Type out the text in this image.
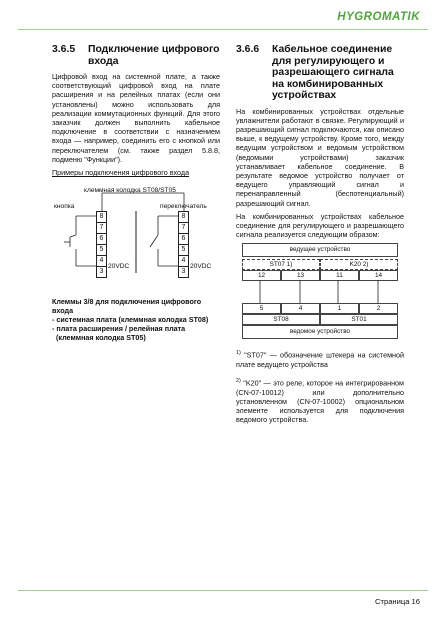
HYGROMATIK
3.6.5	Подключение цифрового входа

Цифровой вход на системной плате, а также соответствующий цифровой вход на плате расширения и на релейных платах (если они установлены) можно использовать для реализации коммутационных функций. Для этого заказчик должен выполнить кабельное подключение в соответствии с назначением входа — например, соединить его с кнопкой или переключателем (см. также раздел 5.8.8, подменю "Функции").

Примеры подключения цифрового входа

клеммная колодка ST08/ST05
кнопка	переключатель
8
7
6
5
4
3
20VDC
8
7
6
5
4
3
20VDC
Клеммы 3/8 для подключения цифрового входа
- системная плата (клеммная колодка ST08)
- плата расширения / релейная плата
(клеммная колодка ST05)
3.6.6	Кабельное соединение для регулирующего и разрешающего сигнала на комбинированных устройствах

На комбинированных устройствах отдельные увлажнители работают в связке. Регулирующий и разрешающий сигнал подключаются, как описано выше, к ведущему устройству. Кроме того, между ведущим устройством и ведомым устройством (ведомыми устройствами) заказчик устанавливает кабельное соединение. В результате ведомое устройство получает от ведущего управляющий сигнал и перенаправленный (беспотенциальный) разрешающий сигнал.

На комбинированных устройствах кабельное соединение для регулирующего и разрешающего сигнала реализуется следующим образом:

ведущее устройство
ST07 1)	K20 2)
12	13	11	14
5	4	1	2
ST08	ST01
ведомое устройство

$^{1)}$ "ST07" — обозначение штекера на системной плате ведущего устройства

$^{2)}$ "K20" — это реле, которое на интегрированном (CN-07-10012) или дополнительно установленном (CN-07-10002) опциональном элементе используется для подключения ведомого устройства.

Страница 16
